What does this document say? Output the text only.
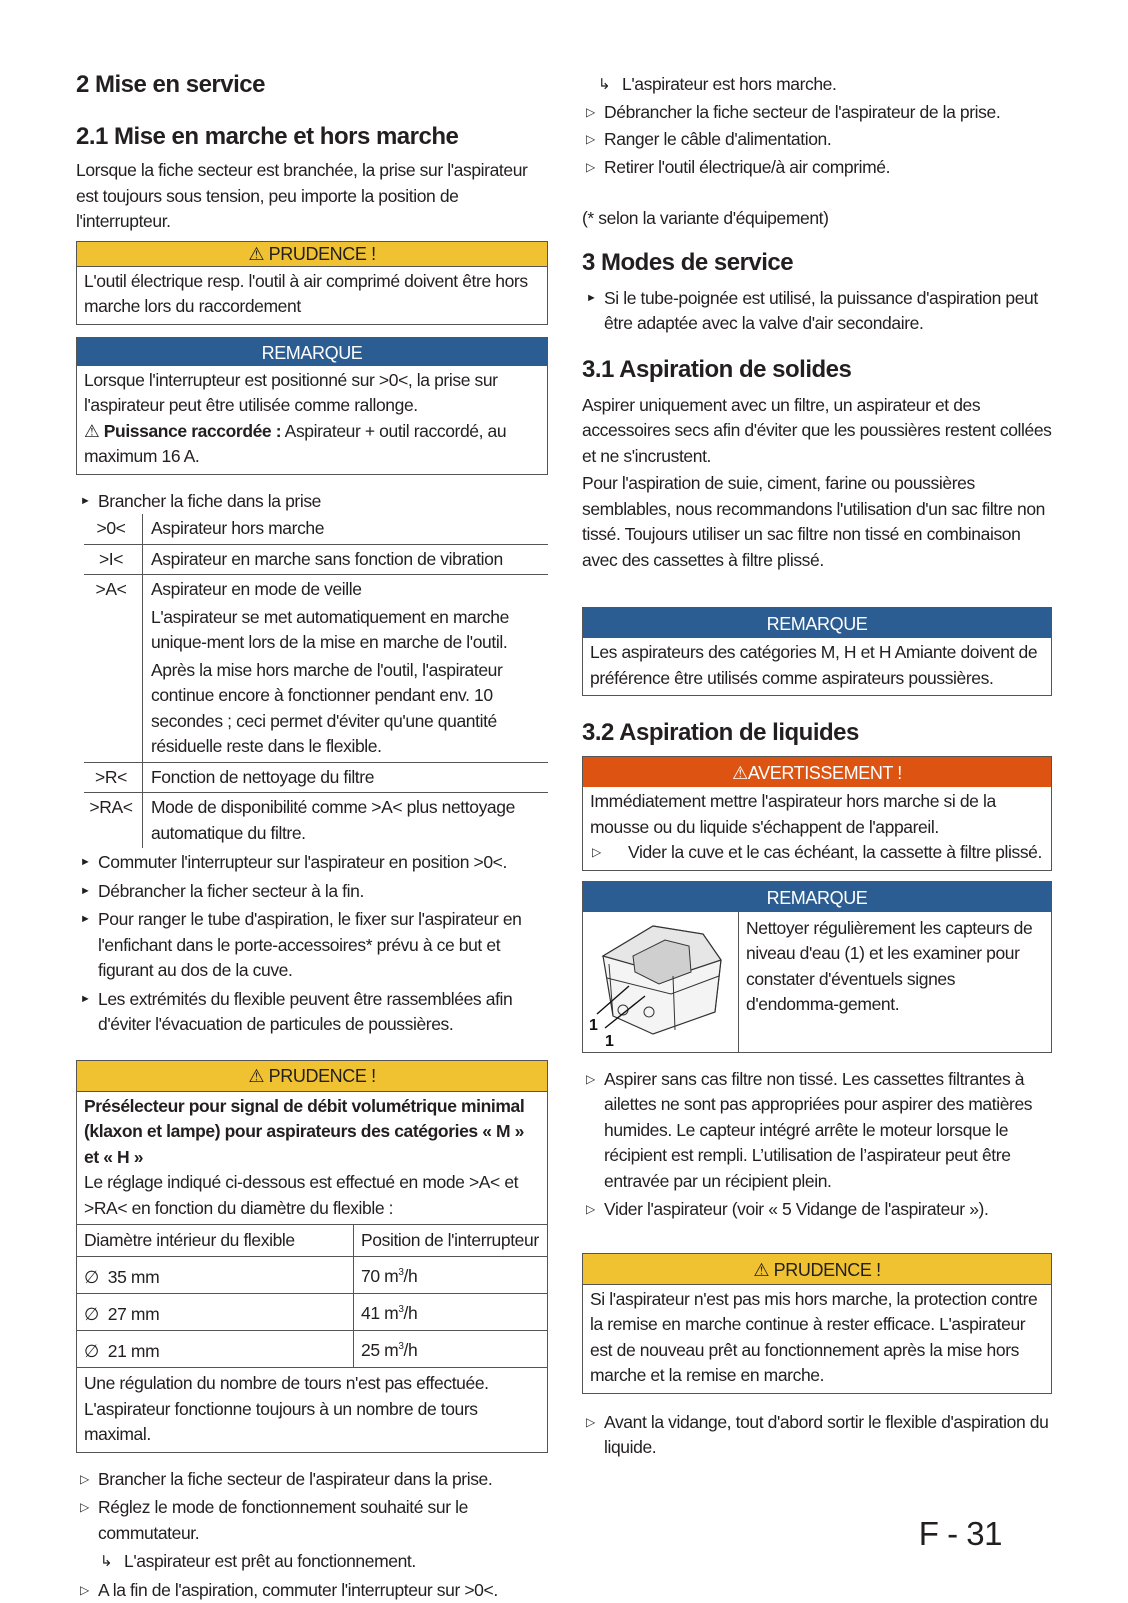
2 Mise en service
2.1 Mise en marche et hors marche

Lorsque la fiche secteur est branchée, la prise sur l'aspirateur est toujours sous tension, peu importe la position de l'interrupteur.

⚠ PRUDENCE !
L'outil électrique resp. l'outil à air comprimé doivent être hors marche lors du raccordement
REMARQUE
Lorsque l'interrupteur est positionné sur >0<, la prise sur l'aspirateur peut être utilisée comme rallonge.
⚠ Puissance raccordée : Aspirateur + outil raccordé, au maximum 16 A.
► Brancher la fiche dans la prise
>0<	Aspirateur hors marche
>I<	Aspirateur en marche sans fonction de vibration
>A<	Aspirateur en mode de veille
L'aspirateur se met automatiquement en marche unique-ment lors de la mise en marche de l'outil.
Après la mise hors marche de l'outil, l'aspirateur continue encore à fonctionner pendant env. 10 secondes ; ceci permet d'éviter qu'une quantité résiduelle reste dans le flexible.

>R<	Fonction de nettoyage du filtre
>RA<	Mode de disponibilité comme >A< plus nettoyage automatique du filtre.
► Commuter l'interrupteur sur l'aspirateur en position >0<.
► Débrancher la ficher secteur à la fin.
► Pour ranger le tube d'aspiration, le fixer sur l'aspirateur en l'enfichant dans le porte-accessoires* prévu à ce but et figurant au dos de la cuve.
► Les extrémités du flexible peuvent être rassemblées afin d'éviter l'évacuation de particules de poussières.
⚠ PRUDENCE !
Présélecteur pour signal de débit volumétrique minimal (klaxon et lampe) pour aspirateurs des catégories « M » et « H »
Le réglage indiqué ci-dessous est effectué en mode >A< et >RA< en fonction du diamètre du flexible :
Diamètre intérieur du flexible	Position de l'interrupteur
∅ 35 mm	70 $m^3/h$
∅ 27 mm	41 $m^3/h$
∅ 21 mm	25 $m^3/h$
Une régulation du nombre de tours n'est pas effectuée.
L'aspirateur fonctionne toujours à un nombre de tours maximal.
▷ Brancher la fiche secteur de l'aspirateur dans la prise.
▷ Réglez le mode de fonctionnement souhaité sur le commutateur.
↳ L'aspirateur est prêt au fonctionnement.
▷ A la fin de l'aspiration, commuter l'interrupteur sur >0<.
↳ L'aspirateur est hors marche.
▷ Débrancher la fiche secteur de l'aspirateur de la prise.
▷ Ranger le câble d'alimentation.
▷ Retirer l'outil électrique/à air comprimé.

(* selon la variante d'équipement)

3 Modes de service
► Si le tube-poignée est utilisé, la puissance d'aspiration peut être adaptée avec la valve d'air secondaire.
3.1 Aspiration de solides

Aspirer uniquement avec un filtre, un aspirateur et des accessoires secs afin d'éviter que les poussières restent collées et ne s'incrustent.

Pour l'aspiration de suie, ciment, farine ou poussières semblables, nous recommandons l'utilisation d'un sac filtre non tissé. Toujours utiliser un sac filtre non tissé en combinaison avec des cassettes à filtre plissé.

REMARQUE
Les aspirateurs des catégories M, H et H Amiante doivent de préférence être utilisés comme aspirateurs poussières.
3.2 Aspiration de liquides
⚠AVERTISSEMENT !
Immédiatement mettre l'aspirateur hors marche si de la mousse ou du liquide s'échappent de l'appareil.
▷ Vider la cuve et le cas échéant, la cassette à filtre plissé.
REMARQUE
1
1
Nettoyer régulièrement les capteurs de niveau d'eau (1) et les examiner pour constater d'éventuels signes d'endomma-gement.
▷ Aspirer sans cas filtre non tissé. Les cassettes filtrantes à ailettes ne sont pas appropriées pour aspirer des matières humides. Le capteur intégré arrête le moteur lorsque le récipient est rempli. L’utilisation de l’aspirateur peut être entravée par un récipient plein.
▷ Vider l'aspirateur (voir « 5 Vidange de l'aspirateur »).
⚠ PRUDENCE !
Si l'aspirateur n'est pas mis hors marche, la protection contre la remise en marche continue à rester efficace. L'aspirateur est de nouveau prêt au fonctionnement après la mise hors marche et la remise en marche.
▷ Avant la vidange, tout d'abord sortir le flexible d'aspiration du liquide.
F - 31
